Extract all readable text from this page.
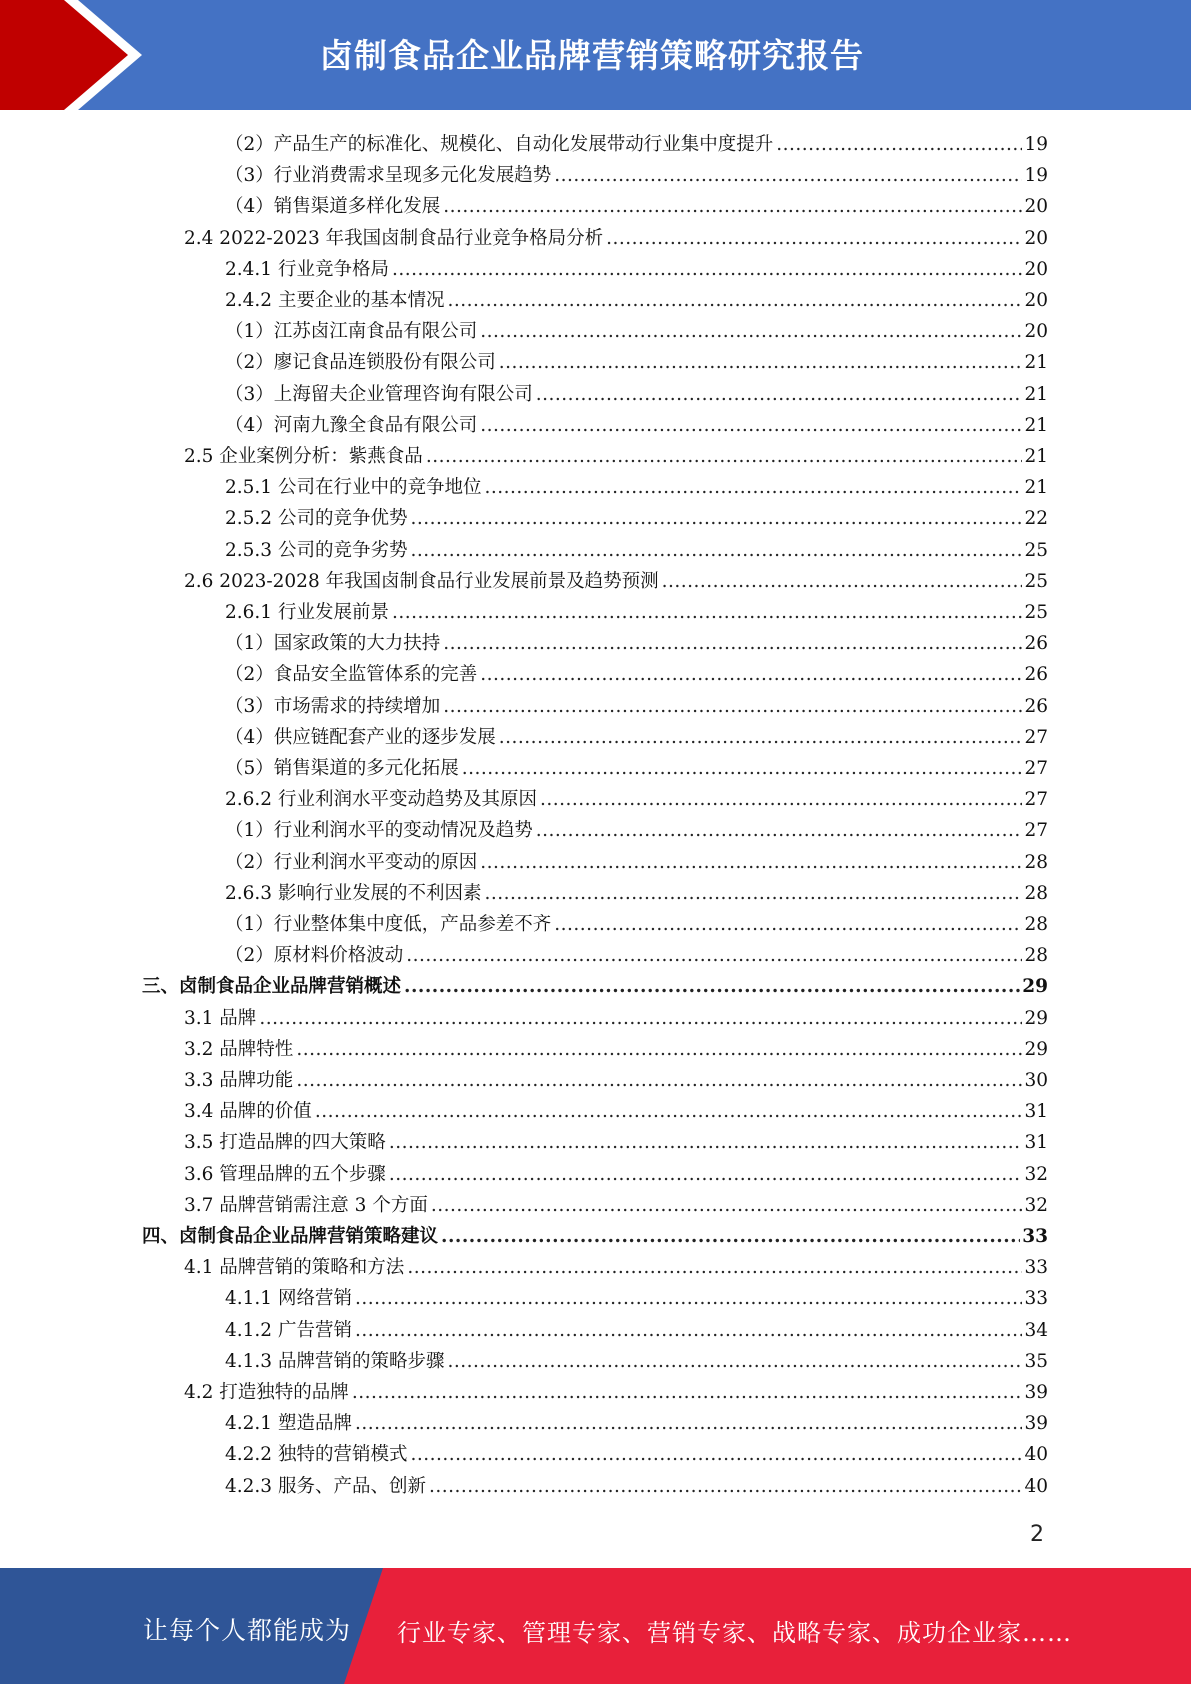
卤制食品企业品牌营销策略研究报告
（2）产品生产的标准化、规模化、自动化发展带动行业集中度提升 .....	19
（3）行业消费需求呈现多元化发展趋势 .....	19
（4）销售渠道多样化发展 .....	20
2.4 2022-2023 年我国卤制食品行业竞争格局分析 .....	20
2.4.1 行业竞争格局 .....	20
2.4.2 主要企业的基本情况 .....	20
（1）江苏卤江南食品有限公司 .....	20
（2）廖记食品连锁股份有限公司 .....	21
（3）上海留夫企业管理咨询有限公司 .....	21
（4）河南九豫全食品有限公司 .....	21
2.5 企业案例分析：紫燕食品 .....	21
2.5.1 公司在行业中的竞争地位 .....	21
2.5.2 公司的竞争优势 .....	22
2.5.3 公司的竞争劣势 .....	25
2.6 2023-2028 年我国卤制食品行业发展前景及趋势预测 .....	25
2.6.1 行业发展前景 .....	25
（1）国家政策的大力扶持 .....	26
（2）食品安全监管体系的完善 .....	26
（3）市场需求的持续增加 .....	26
（4）供应链配套产业的逐步发展 .....	27
（5）销售渠道的多元化拓展 .....	27
2.6.2 行业利润水平变动趋势及其原因 .....	27
（1）行业利润水平的变动情况及趋势 .....	27
（2）行业利润水平变动的原因 .....	28
2.6.3 影响行业发展的不利因素 .....	28
（1）行业整体集中度低，产品参差不齐 .....	28
（2）原材料价格波动 .....	28
三、卤制食品企业品牌营销概述 .....	29
3.1 品牌 .....	29
3.2 品牌特性 .....	29
3.3 品牌功能 .....	30
3.4 品牌的价值 .....	31
3.5 打造品牌的四大策略 .....	31
3.6 管理品牌的五个步骤 .....	32
3.7 品牌营销需注意 3 个方面 .....	32
四、卤制食品企业品牌营销策略建议 .....	33
4.1 品牌营销的策略和方法 .....	33
4.1.1 网络营销 .....	33
4.1.2 广告营销 .....	34
4.1.3 品牌营销的策略步骤 .....	35
4.2 打造独特的品牌 .....	39
4.2.1 塑造品牌 .....	39
4.2.2 独特的营销模式 .....	40
4.2.3 服务、产品、创新 .....	40
2
让每个人都能成为 行业专家、管理专家、营销专家、战略专家、成功企业家……
